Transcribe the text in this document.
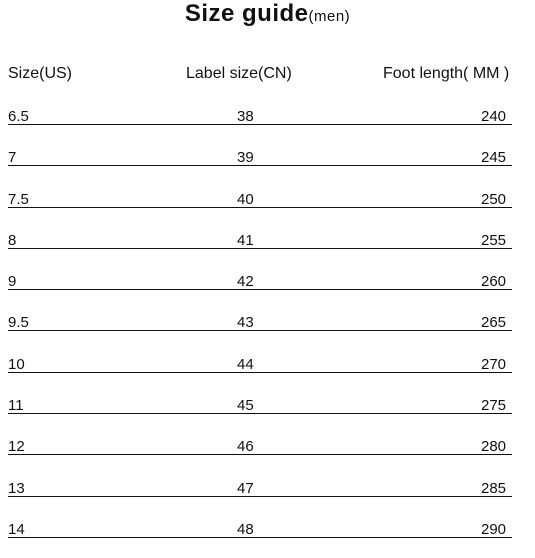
Size guide(men)
Size(US)	Label size(CN)	Foot length( MM )
6.5	38	240
7	39	245
7.5	40	250
8	41	255
9	42	260
9.5	43	265
10	44	270
11	45	275
12	46	280
13	47	285
14	48	290
